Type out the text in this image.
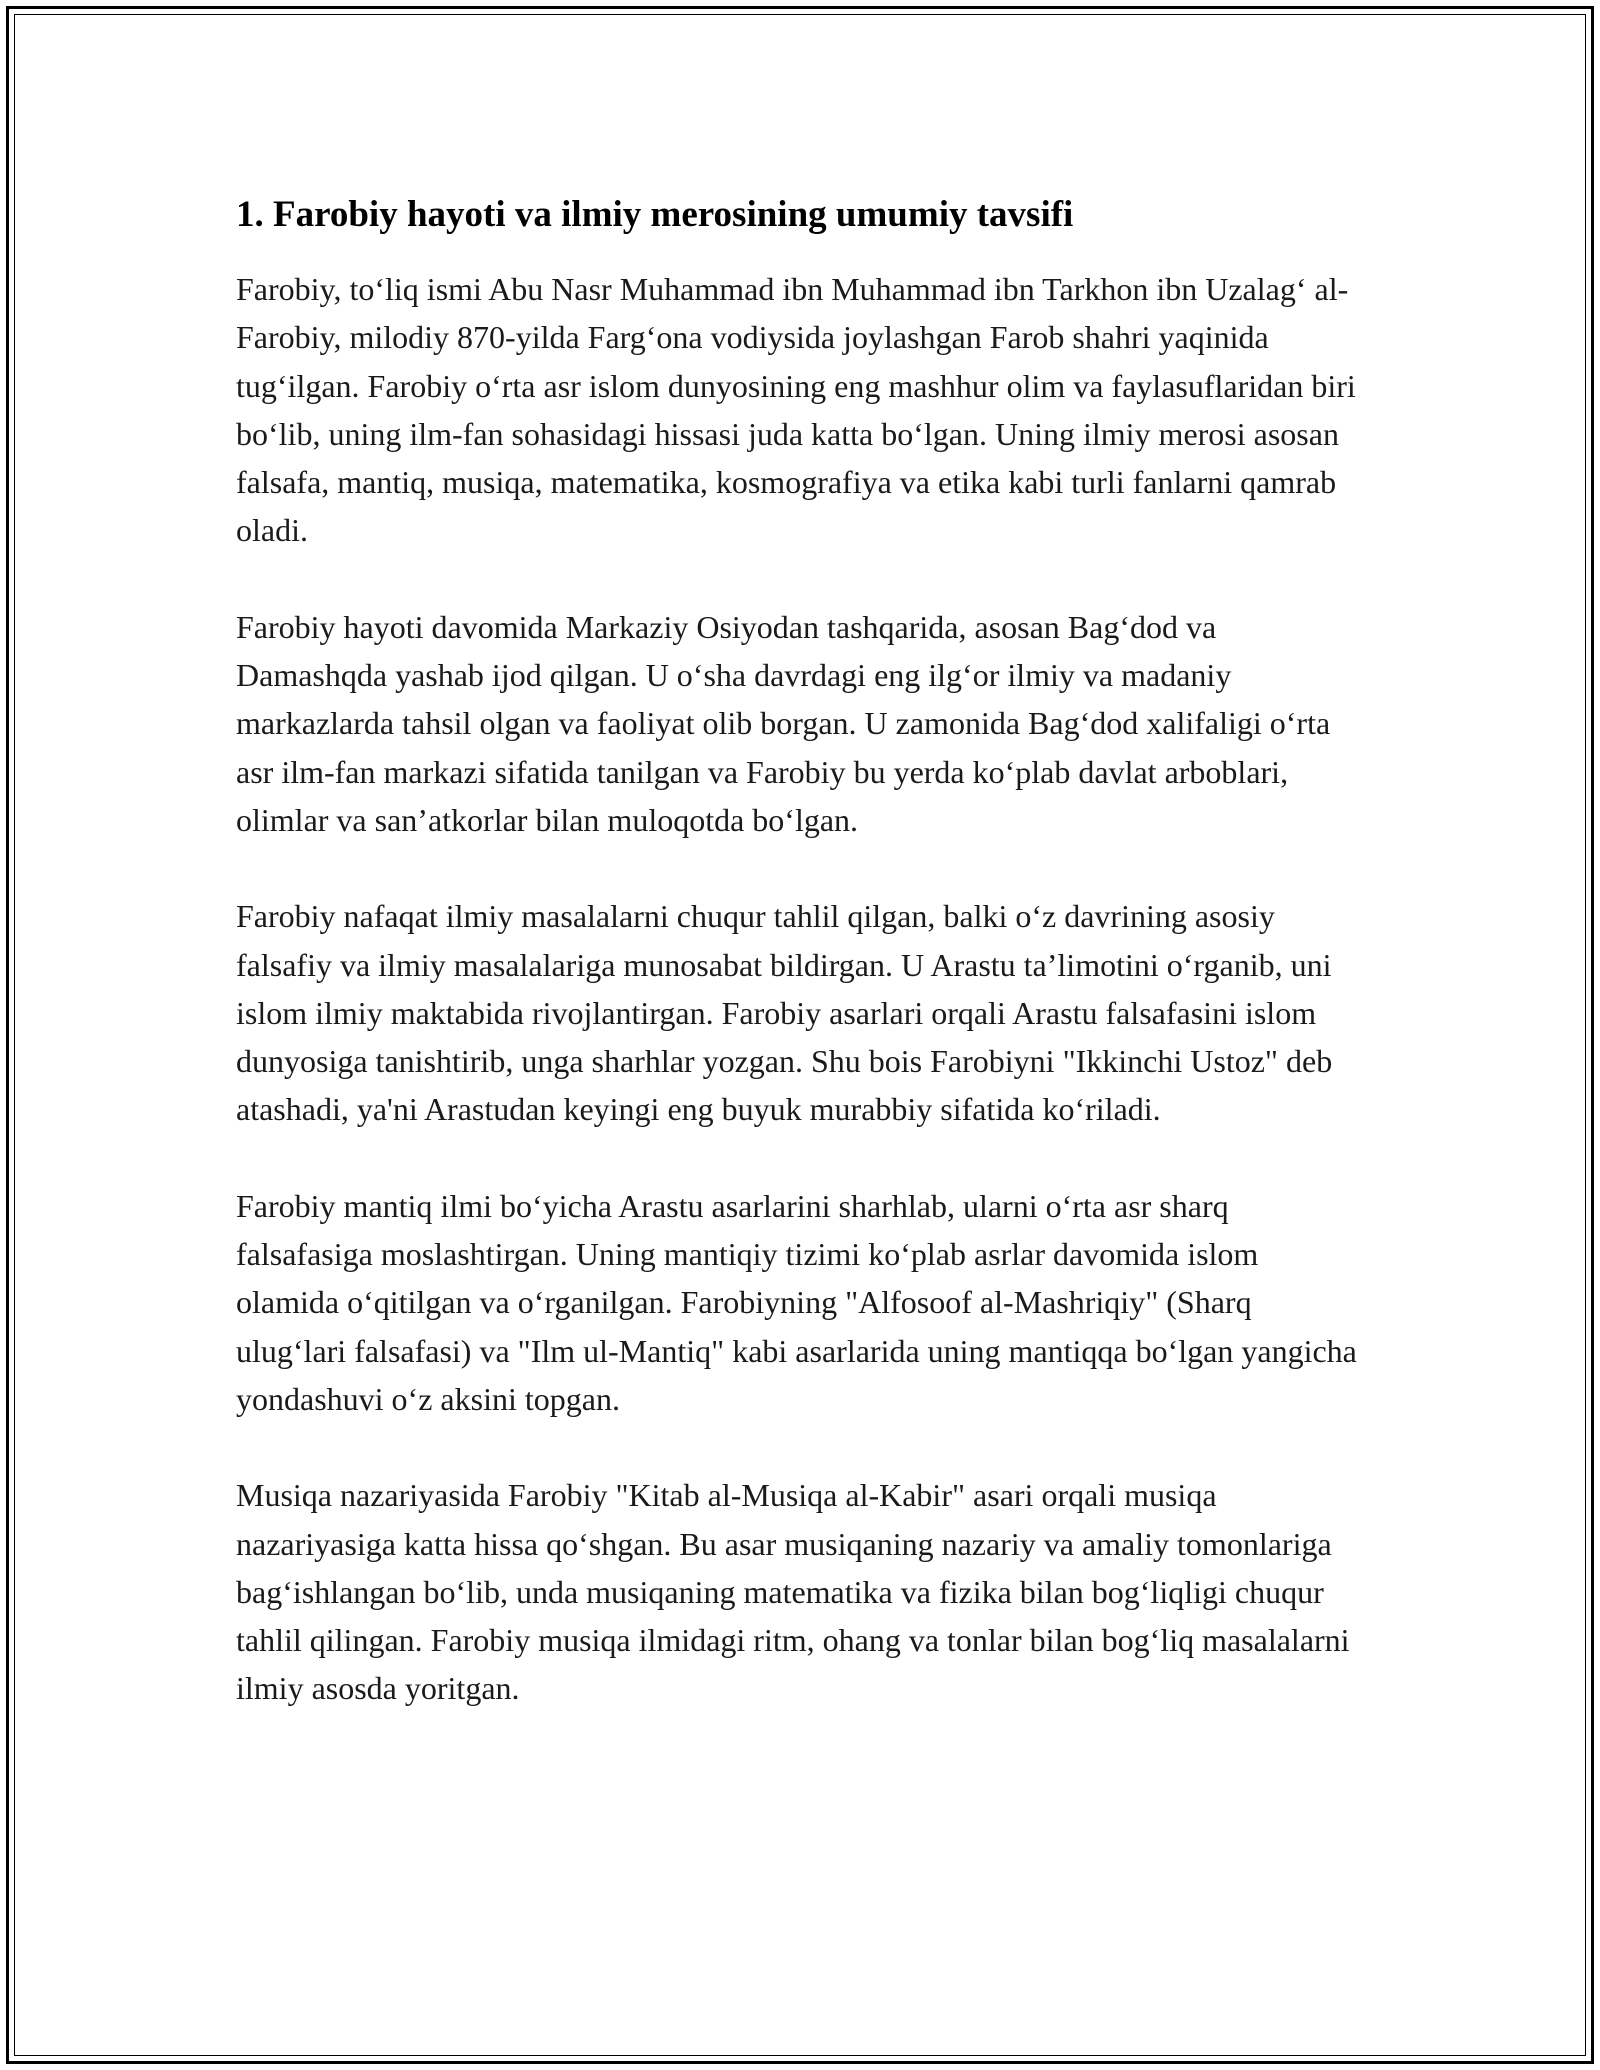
1. Farobiy hayoti va ilmiy merosining umumiy tavsifi

Farobiy, toʻliq ismi Abu Nasr Muhammad ibn Muhammad ibn Tarkhon ibn Uzalagʻ al-Farobiy, milodiy 870-yilda Fargʻona vodiysida joylashgan Farob shahri yaqinida tugʻilgan. Farobiy oʻrta asr islom dunyosining eng mashhur olim va faylasuflaridan biri boʻlib, uning ilm-fan sohasidagi hissasi juda katta boʻlgan. Uning ilmiy merosi asosan falsafa, mantiq, musiqa, matematika, kosmografiya va etika kabi turli fanlarni qamrab oladi.

Farobiy hayoti davomida Markaziy Osiyodan tashqarida, asosan Bagʻdod va Damashqda yashab ijod qilgan. U oʻsha davrdagi eng ilgʻor ilmiy va madaniy markazlarda tahsil olgan va faoliyat olib borgan. U zamonida Bagʻdod xalifaligi oʻrta asr ilm-fan markazi sifatida tanilgan va Farobiy bu yerda koʻplab davlat arboblari, olimlar va san’atkorlar bilan muloqotda boʻlgan.

Farobiy nafaqat ilmiy masalalarni chuqur tahlil qilgan, balki oʻz davrining asosiy falsafiy va ilmiy masalalariga munosabat bildirgan. U Arastu ta’limotini oʻrganib, uni islom ilmiy maktabida rivojlantirgan. Farobiy asarlari orqali Arastu falsafasini islom dunyosiga tanishtirib, unga sharhlar yozgan. Shu bois Farobiyni "Ikkinchi Ustoz" deb atashadi, ya'ni Arastudan keyingi eng buyuk murabbiy sifatida koʻriladi.

Farobiy mantiq ilmi boʻyicha Arastu asarlarini sharhlab, ularni oʻrta asr sharq falsafasiga moslashtirgan. Uning mantiqiy tizimi koʻplab asrlar davomida islom olamida oʻqitilgan va oʻrganilgan. Farobiyning "Alfosoof al-Mashriqiy" (Sharq ulugʻlari falsafasi) va "Ilm ul-Mantiq" kabi asarlarida uning mantiqqa boʻlgan yangicha yondashuvi oʻz aksini topgan.

Musiqa nazariyasida Farobiy "Kitab al-Musiqa al-Kabir" asari orqali musiqa nazariyasiga katta hissa qoʻshgan. Bu asar musiqaning nazariy va amaliy tomonlariga bagʻishlangan boʻlib, unda musiqaning matematika va fizika bilan bogʻliqligi chuqur tahlil qilingan. Farobiy musiqa ilmidagi ritm, ohang va tonlar bilan bogʻliq masalalarni ilmiy asosda yoritgan.
